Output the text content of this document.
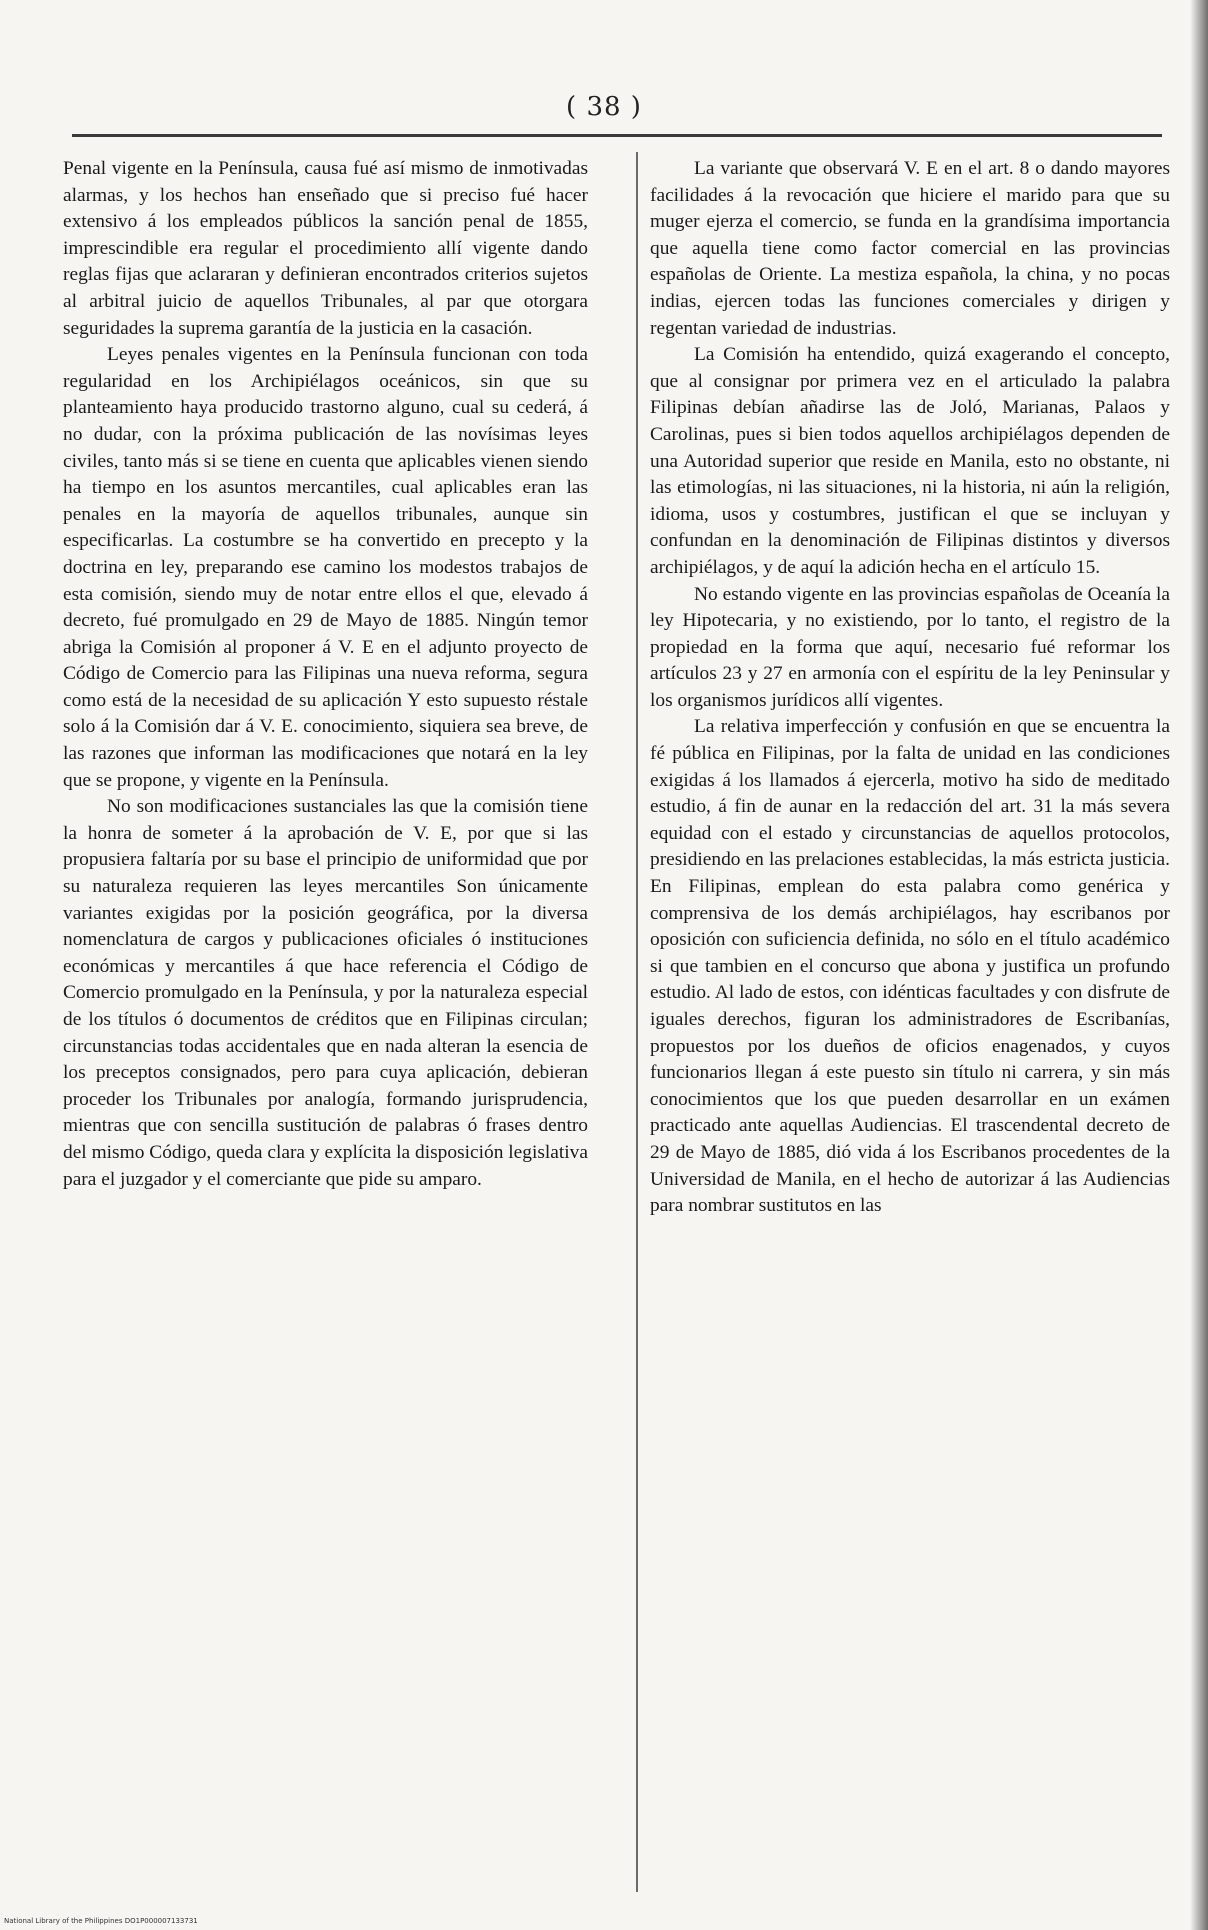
( 38 )

Penal vigente en la Península, causa fué así mismo de inmotivadas alarmas, y los hechos han enseñado que si preciso fué hacer extensivo á los empleados públicos la sanción penal de 1855, imprescindible era regular el procedimiento allí vigente dando reglas fijas que aclararan y definieran encontrados criterios sujetos al arbitral juicio de aquellos Tribunales, al par que otorgara seguridades la suprema garantía de la justicia en la casación.

Leyes penales vigentes en la Península funcionan con toda regularidad en los Archipiélagos oceánicos, sin que su planteamiento haya producido trastorno alguno, cual su cederá, á no dudar, con la próxima publicación de las novísimas leyes civiles, tanto más si se tiene en cuenta que aplicables vienen siendo ha tiempo en los asuntos mercantiles, cual aplicables eran las penales en la mayoría de aquellos tribunales, aunque sin especificarlas. La costumbre se ha convertido en precepto y la doctrina en ley, preparando ese camino los modestos trabajos de esta comisión, siendo muy de notar entre ellos el que, elevado á decreto, fué promulgado en 29 de Mayo de 1885. Ningún temor abriga la Comisión al proponer á V. E en el adjunto proyecto de Código de Comercio para las Filipinas una nueva reforma, segura como está de la necesidad de su aplicación Y esto supuesto réstale solo á la Comisión dar á V. E. conocimiento, siquiera sea breve, de las razones que informan las modificaciones que notará en la ley que se propone, y vigente en la Península.

No son modificaciones sustanciales las que la comisión tiene la honra de someter á la aprobación de V. E, por que si las propusiera faltaría por su base el principio de uniformidad que por su naturaleza requieren las leyes mercantiles Son únicamente variantes exigidas por la posición geográfica, por la diversa nomenclatura de cargos y publicaciones oficiales ó instituciones económicas y mercantiles á que hace referencia el Código de Comercio promulgado en la Península, y por la naturaleza especial de los títulos ó documentos de créditos que en Filipinas circulan; circunstancias todas accidentales que en nada alteran la esencia de los preceptos consignados, pero para cuya aplicación, debieran proceder los Tribunales por analogía, formando jurisprudencia, mientras que con sencilla sustitución de palabras ó frases dentro del mismo Código, queda clara y explícita la disposición legislativa para el juzgador y el comerciante que pide su amparo.

La variante que observará V. E en el art. 8 o dando mayores facilidades á la revocación que hiciere el marido para que su muger ejerza el comercio, se funda en la grandísima importancia que aquella tiene como factor comercial en las provincias españolas de Oriente. La mestiza española, la china, y no pocas indias, ejercen todas las funciones comerciales y dirigen y regentan variedad de industrias.

La Comisión ha entendido, quizá exagerando el concepto, que al consignar por primera vez en el articulado la palabra Filipinas debían añadirse las de Joló, Marianas, Palaos y Carolinas, pues si bien todos aquellos archipiélagos dependen de una Autoridad superior que reside en Manila, esto no obstante, ni las etimologías, ni las situaciones, ni la historia, ni aún la religión, idioma, usos y costumbres, justifican el que se incluyan y confundan en la denominación de Filipinas distintos y diversos archipiélagos, y de aquí la adición hecha en el artículo 15.

No estando vigente en las provincias españolas de Oceanía la ley Hipotecaria, y no existiendo, por lo tanto, el registro de la propiedad en la forma que aquí, necesario fué reformar los artículos 23 y 27 en armonía con el espíritu de la ley Peninsular y los organismos jurídicos allí vigentes.

La relativa imperfección y confusión en que se encuentra la fé pública en Filipinas, por la falta de unidad en las condiciones exigidas á los llamados á ejercerla, motivo ha sido de meditado estudio, á fin de aunar en la redacción del art. 31 la más severa equidad con el estado y circunstancias de aquellos protocolos, presidiendo en las prelaciones establecidas, la más estricta justicia. En Filipinas, emplean do esta palabra como genérica y comprensiva de los demás archipiélagos, hay escribanos por oposición con suficiencia definida, no sólo en el título académico si que tambien en el concurso que abona y justifica un profundo estudio. Al lado de estos, con idénticas facultades y con disfrute de iguales derechos, figuran los administradores de Escribanías, propuestos por los dueños de oficios enagenados, y cuyos funcionarios llegan á este puesto sin título ni carrera, y sin más conocimientos que los que pueden desarrollar en un exámen practicado ante aquellas Audiencias. El trascendental decreto de 29 de Mayo de 1885, dió vida á los Escribanos procedentes de la Universidad de Manila, en el hecho de autorizar á las Audiencias para nombrar sustitutos en las

National Library of the Philippines DO1P000007133731
